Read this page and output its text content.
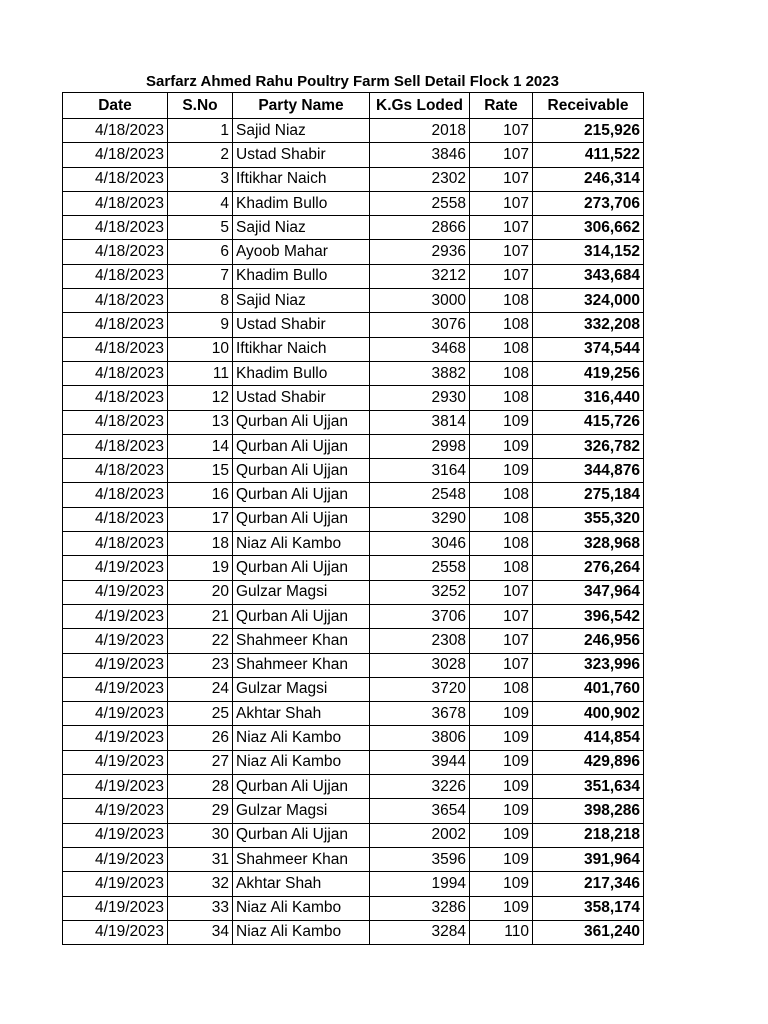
Sarfarz Ahmed Rahu Poultry Farm Sell Detail Flock 1 2023
Date	S.No	Party Name	K.Gs Loded	Rate	Receivable
4/18/2023	1	Sajid Niaz	2018	107	215,926
4/18/2023	2	Ustad Shabir	3846	107	411,522
4/18/2023	3	Iftikhar Naich	2302	107	246,314
4/18/2023	4	Khadim Bullo	2558	107	273,706
4/18/2023	5	Sajid Niaz	2866	107	306,662
4/18/2023	6	Ayoob Mahar	2936	107	314,152
4/18/2023	7	Khadim Bullo	3212	107	343,684
4/18/2023	8	Sajid Niaz	3000	108	324,000
4/18/2023	9	Ustad Shabir	3076	108	332,208
4/18/2023	10	Iftikhar Naich	3468	108	374,544
4/18/2023	11	Khadim Bullo	3882	108	419,256
4/18/2023	12	Ustad Shabir	2930	108	316,440
4/18/2023	13	Qurban Ali Ujjan	3814	109	415,726
4/18/2023	14	Qurban Ali Ujjan	2998	109	326,782
4/18/2023	15	Qurban Ali Ujjan	3164	109	344,876
4/18/2023	16	Qurban Ali Ujjan	2548	108	275,184
4/18/2023	17	Qurban Ali Ujjan	3290	108	355,320
4/18/2023	18	Niaz Ali Kambo	3046	108	328,968
4/19/2023	19	Qurban Ali Ujjan	2558	108	276,264
4/19/2023	20	Gulzar Magsi	3252	107	347,964
4/19/2023	21	Qurban Ali Ujjan	3706	107	396,542
4/19/2023	22	Shahmeer Khan	2308	107	246,956
4/19/2023	23	Shahmeer Khan	3028	107	323,996
4/19/2023	24	Gulzar Magsi	3720	108	401,760
4/19/2023	25	Akhtar Shah	3678	109	400,902
4/19/2023	26	Niaz Ali Kambo	3806	109	414,854
4/19/2023	27	Niaz Ali Kambo	3944	109	429,896
4/19/2023	28	Qurban Ali Ujjan	3226	109	351,634
4/19/2023	29	Gulzar Magsi	3654	109	398,286
4/19/2023	30	Qurban Ali Ujjan	2002	109	218,218
4/19/2023	31	Shahmeer Khan	3596	109	391,964
4/19/2023	32	Akhtar Shah	1994	109	217,346
4/19/2023	33	Niaz Ali Kambo	3286	109	358,174
4/19/2023	34	Niaz Ali Kambo	3284	110	361,240
